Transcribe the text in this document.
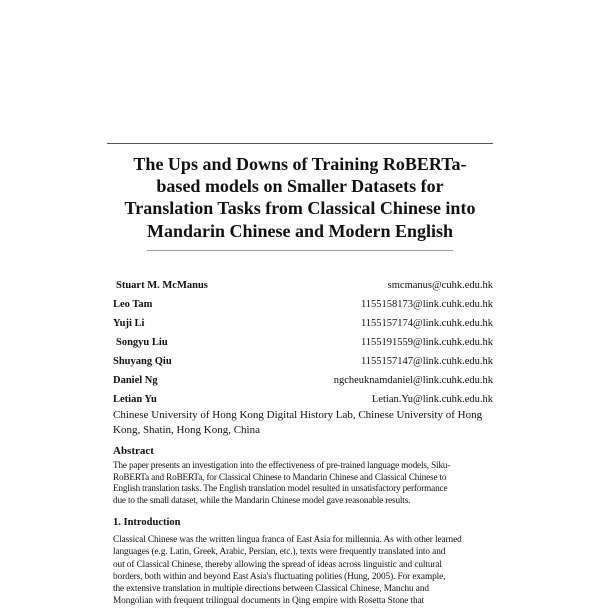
The Ups and Downs of Training RoBERTa-
based models on Smaller Datasets for
Translation Tasks from Classical Chinese into
Mandarin Chinese and Modern English
Stuart M. McManus	smcmanus@cuhk.edu.hk
Leo Tam	1155158173@link.cuhk.edu.hk
Yuji Li	1155157174@link.cuhk.edu.hk
Songyu Liu	1155191559@link.cuhk.edu.hk
Shuyang Qiu	1155157147@link.cuhk.edu.hk
Daniel Ng	ngcheuknamdaniel@link.cuhk.edu.hk
Letian Yu	Letian.Yu@link.cuhk.edu.hk
Chinese University of Hong Kong Digital History Lab, Chinese University of Hong
Kong, Shatin, Hong Kong, China
Abstract
The paper presents an investigation into the effectiveness of pre-trained language models, Siku-
RoBERTa and RoBERTa, for Classical Chinese to Mandarin Chinese and Classical Chinese to
English translation tasks. The English translation model resulted in unsatisfactory performance
due to the small dataset, while the Mandarin Chinese model gave reasonable results.
1. Introduction
Classical Chinese was the written lingua franca of East Asia for millennia. As with other learned
languages (e.g. Latin, Greek, Arabic, Persian, etc.), texts were frequently translated into and
out of Classical Chinese, thereby allowing the spread of ideas across linguistic and cultural
borders, both within and beyond East Asia's fluctuating polities (Hung, 2005). For example,
the extensive translation in multiple directions between Classical Chinese, Manchu and
Mongolian with frequent trilingual documents in Qing empire with Rosetta Stone that
